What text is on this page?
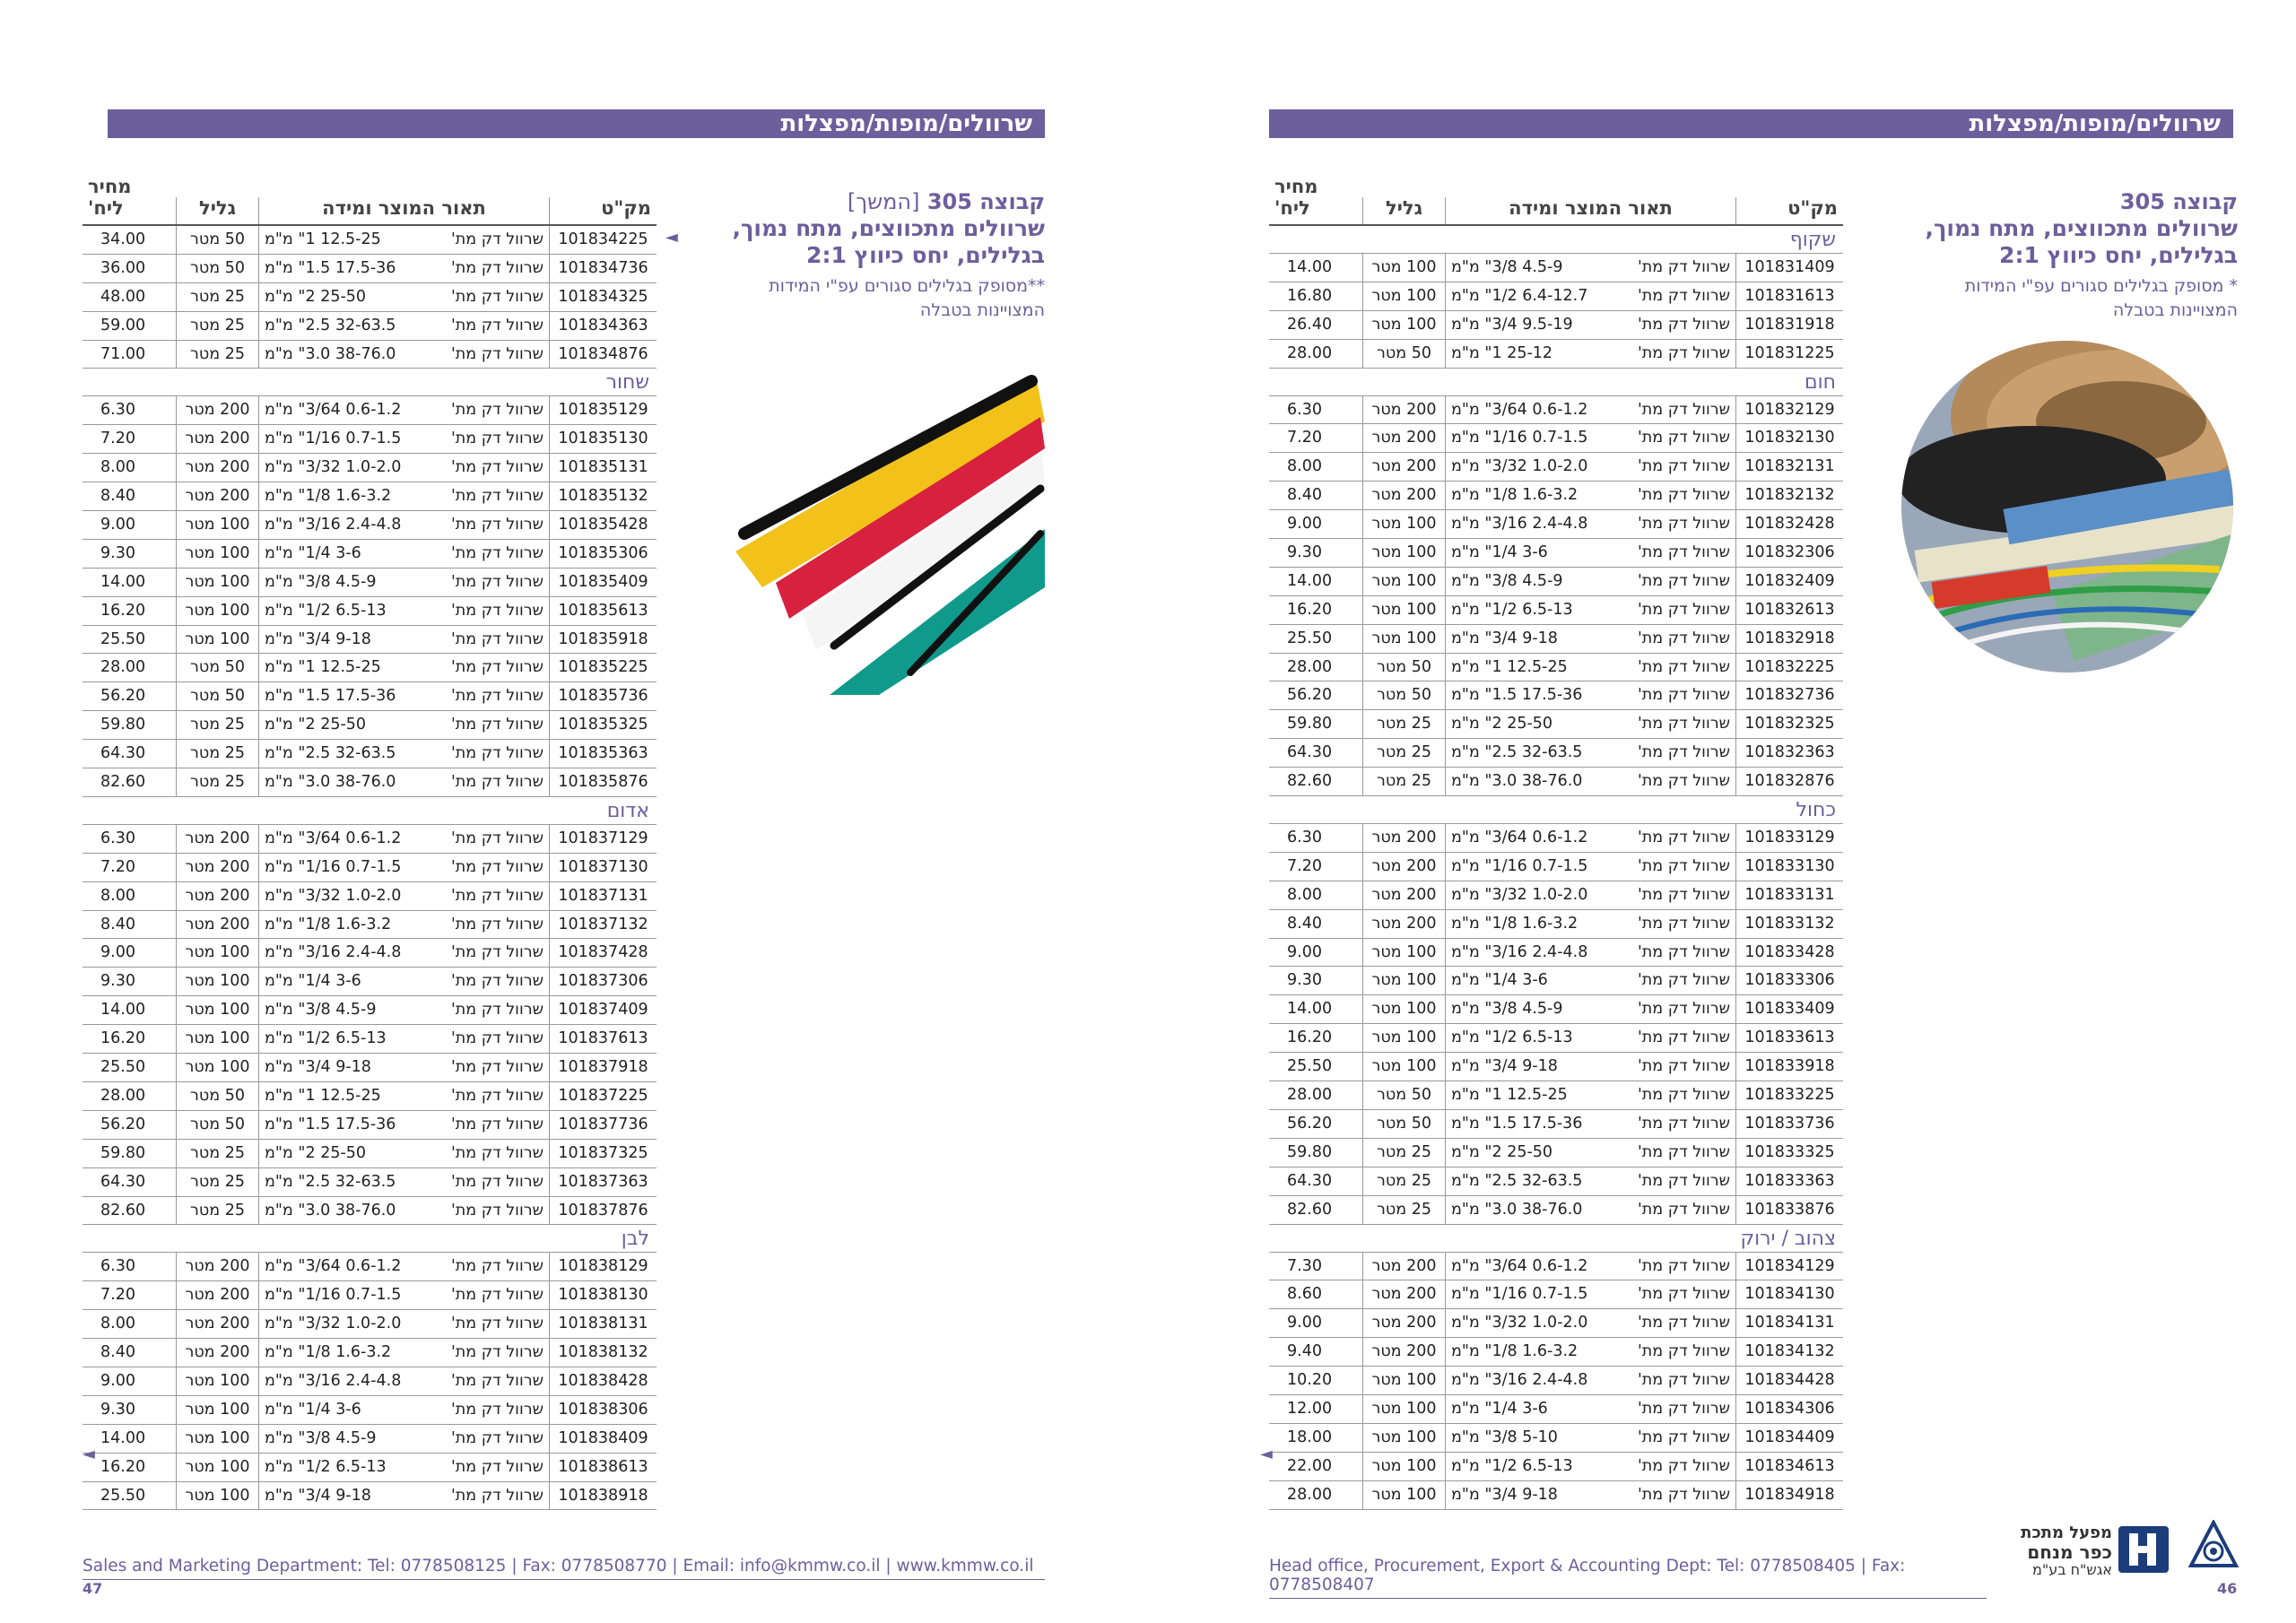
שרוולים/מופות/מפצלות
קבוצה 305
שרוולים מתכווצים, מתח נמוך,
בגלילים, יחס כיווץ 2:1
* מסופק בגלילים סגורים עפ"י המידות
המצויינות בטבלה
מק"ט
תאור המוצר ומידה
גליל
מחיר ליח'
שקוף
101831409
שרוול דק מת'
4.5-9 3/8" מ"מ
100 מטר
14.00
101831613
שרוול דק מת'
6.4-12.7 1/2" מ"מ
100 מטר
16.80
101831918
שרוול דק מת'
9.5-19 3/4" מ"מ
100 מטר
26.40
101831225
שרוול דק מת'
25-12 1" מ"מ
50 מטר
28.00
חום
101832129
שרוול דק מת'
0.6-1.2 3/64" מ"מ
200 מטר
6.30
101832130
שרוול דק מת'
0.7-1.5 1/16" מ"מ
200 מטר
7.20
101832131
שרוול דק מת'
1.0-2.0 3/32" מ"מ
200 מטר
8.00
101832132
שרוול דק מת'
1.6-3.2 1/8" מ"מ
200 מטר
8.40
101832428
שרוול דק מת'
2.4-4.8 3/16" מ"מ
100 מטר
9.00
101832306
שרוול דק מת'
3-6 1/4" מ"מ
100 מטר
9.30
101832409
שרוול דק מת'
4.5-9 3/8" מ"מ
100 מטר
14.00
101832613
שרוול דק מת'
6.5-13 1/2" מ"מ
100 מטר
16.20
101832918
שרוול דק מת'
9-18 3/4" מ"מ
100 מטר
25.50
101832225
שרוול דק מת'
12.5-25 1" מ"מ
50 מטר
28.00
101832736
שרוול דק מת'
17.5-36 1.5" מ"מ
50 מטר
56.20
101832325
שרוול דק מת'
25-50 2" מ"מ
25 מטר
59.80
101832363
שרוול דק מת'
32-63.5 2.5" מ"מ
25 מטר
64.30
101832876
שרוול דק מת'
38-76.0 3.0" מ"מ
25 מטר
82.60
כחול
101833129
שרוול דק מת'
0.6-1.2 3/64" מ"מ
200 מטר
6.30
101833130
שרוול דק מת'
0.7-1.5 1/16" מ"מ
200 מטר
7.20
101833131
שרוול דק מת'
1.0-2.0 3/32" מ"מ
200 מטר
8.00
101833132
שרוול דק מת'
1.6-3.2 1/8" מ"מ
200 מטר
8.40
101833428
שרוול דק מת'
2.4-4.8 3/16" מ"מ
100 מטר
9.00
101833306
שרוול דק מת'
3-6 1/4" מ"מ
100 מטר
9.30
101833409
שרוול דק מת'
4.5-9 3/8" מ"מ
100 מטר
14.00
101833613
שרוול דק מת'
6.5-13 1/2" מ"מ
100 מטר
16.20
101833918
שרוול דק מת'
9-18 3/4" מ"מ
100 מטר
25.50
101833225
שרוול דק מת'
12.5-25 1" מ"מ
50 מטר
28.00
101833736
שרוול דק מת'
17.5-36 1.5" מ"מ
50 מטר
56.20
101833325
שרוול דק מת'
25-50 2" מ"מ
25 מטר
59.80
101833363
שרוול דק מת'
32-63.5 2.5" מ"מ
25 מטר
64.30
101833876
שרוול דק מת'
38-76.0 3.0" מ"מ
25 מטר
82.60
צהוב / ירוק
101834129
שרוול דק מת'
0.6-1.2 3/64" מ"מ
200 מטר
7.30
101834130
שרוול דק מת'
0.7-1.5 1/16" מ"מ
200 מטר
8.60
101834131
שרוול דק מת'
1.0-2.0 3/32" מ"מ
200 מטר
9.00
101834132
שרוול דק מת'
1.6-3.2 1/8" מ"מ
200 מטר
9.40
101834428
שרוול דק מת'
2.4-4.8 3/16" מ"מ
100 מטר
10.20
101834306
שרוול דק מת'
3-6 1/4" מ"מ
100 מטר
12.00
101834409
שרוול דק מת'
5-10 3/8" מ"מ
100 מטר
18.00
101834613
שרוול דק מת'
6.5-13 1/2" מ"מ
100 מטר
22.00
101834918
שרוול דק מת'
9-18 3/4" מ"מ
100 מטר
28.00
◄
Head office, Procurement, Export & Accounting Dept: Tel: 0778508405 | Fax: 0778508407	46
מפעל מתכת
כפר מנחם
אגש"ח בע"מ
שרוולים/מופות/מפצלות
קבוצה 305 [המשך]
שרוולים מתכווצים, מתח נמוך,
בגלילים, יחס כיווץ 2:1
**מסופק בגלילים סגורים עפ"י המידות
המצויינות בטבלה
מק"ט
תאור המוצר ומידה
גליל
מחיר ליח'
101834225
שרוול דק מת'
12.5-25 1" מ"מ
50 מטר
34.00
101834736
שרוול דק מת'
17.5-36 1.5" מ"מ
50 מטר
36.00
101834325
שרוול דק מת'
25-50 2" מ"מ
25 מטר
48.00
101834363
שרוול דק מת'
32-63.5 2.5" מ"מ
25 מטר
59.00
101834876
שרוול דק מת'
38-76.0 3.0" מ"מ
25 מטר
71.00
שחור
101835129
שרוול דק מת'
0.6-1.2 3/64" מ"מ
200 מטר
6.30
101835130
שרוול דק מת'
0.7-1.5 1/16" מ"מ
200 מטר
7.20
101835131
שרוול דק מת'
1.0-2.0 3/32" מ"מ
200 מטר
8.00
101835132
שרוול דק מת'
1.6-3.2 1/8" מ"מ
200 מטר
8.40
101835428
שרוול דק מת'
2.4-4.8 3/16" מ"מ
100 מטר
9.00
101835306
שרוול דק מת'
3-6 1/4" מ"מ
100 מטר
9.30
101835409
שרוול דק מת'
4.5-9 3/8" מ"מ
100 מטר
14.00
101835613
שרוול דק מת'
6.5-13 1/2" מ"מ
100 מטר
16.20
101835918
שרוול דק מת'
9-18 3/4" מ"מ
100 מטר
25.50
101835225
שרוול דק מת'
12.5-25 1" מ"מ
50 מטר
28.00
101835736
שרוול דק מת'
17.5-36 1.5" מ"מ
50 מטר
56.20
101835325
שרוול דק מת'
25-50 2" מ"מ
25 מטר
59.80
101835363
שרוול דק מת'
32-63.5 2.5" מ"מ
25 מטר
64.30
101835876
שרוול דק מת'
38-76.0 3.0" מ"מ
25 מטר
82.60
אדום
101837129
שרוול דק מת'
0.6-1.2 3/64" מ"מ
200 מטר
6.30
101837130
שרוול דק מת'
0.7-1.5 1/16" מ"מ
200 מטר
7.20
101837131
שרוול דק מת'
1.0-2.0 3/32" מ"מ
200 מטר
8.00
101837132
שרוול דק מת'
1.6-3.2 1/8" מ"מ
200 מטר
8.40
101837428
שרוול דק מת'
2.4-4.8 3/16" מ"מ
100 מטר
9.00
101837306
שרוול דק מת'
3-6 1/4" מ"מ
100 מטר
9.30
101837409
שרוול דק מת'
4.5-9 3/8" מ"מ
100 מטר
14.00
101837613
שרוול דק מת'
6.5-13 1/2" מ"מ
100 מטר
16.20
101837918
שרוול דק מת'
9-18 3/4" מ"מ
100 מטר
25.50
101837225
שרוול דק מת'
12.5-25 1" מ"מ
50 מטר
28.00
101837736
שרוול דק מת'
17.5-36 1.5" מ"מ
50 מטר
56.20
101837325
שרוול דק מת'
25-50 2" מ"מ
25 מטר
59.80
101837363
שרוול דק מת'
32-63.5 2.5" מ"מ
25 מטר
64.30
101837876
שרוול דק מת'
38-76.0 3.0" מ"מ
25 מטר
82.60
לבן
101838129
שרוול דק מת'
0.6-1.2 3/64" מ"מ
200 מטר
6.30
101838130
שרוול דק מת'
0.7-1.5 1/16" מ"מ
200 מטר
7.20
101838131
שרוול דק מת'
1.0-2.0 3/32" מ"מ
200 מטר
8.00
101838132
שרוול דק מת'
1.6-3.2 1/8" מ"מ
200 מטר
8.40
101838428
שרוול דק מת'
2.4-4.8 3/16" מ"מ
100 מטר
9.00
101838306
שרוול דק מת'
3-6 1/4" מ"מ
100 מטר
9.30
101838409
שרוול דק מת'
4.5-9 3/8" מ"מ
100 מטר
14.00
101838613
שרוול דק מת'
6.5-13 1/2" מ"מ
100 מטר
16.20
101838918
שרוול דק מת'
9-18 3/4" מ"מ
100 מטר
25.50
◄
◄
Sales and Marketing Department: Tel: 0778508125 | Fax: 0778508770 | Email: info@kmmw.co.il | www.kmmw.co.il
47
